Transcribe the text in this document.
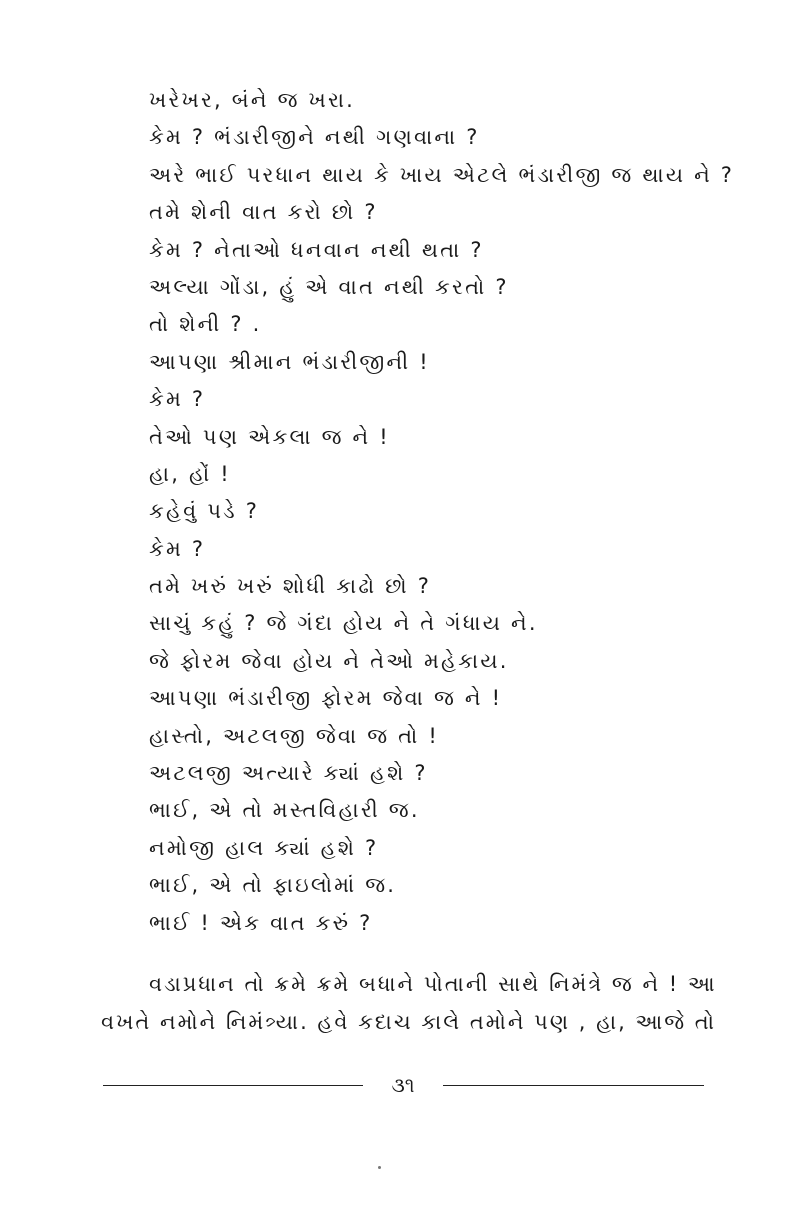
ખરેખર, બંને જ ખરા.
કેમ ? ભંડારીજીને નથી ગણવાના ?
અરે ભાઈ પરધાન થાય કે ખાય એટલે ભંડારીજી જ થાય ને ?
તમે શેની વાત કરો છો ?
કેમ ? નેતાઓ ધનવાન નથી થતા ?
અલ્યા ગોંડા, હું એ વાત નથી કરતો ?
તો શેની ? .
આપણા શ્રીમાન ભંડારીજીની !
કેમ ?
તેઓ પણ એકલા જ ને !
હા, હોં !
કહેવું પડે ?
કેમ ?
તમે ખરું ખરું શોધી કાઢો છો ?
સાચું કહું ? જે ગંદા હોય ને તે ગંધાય ને.
જે ફોરમ જેવા હોય ને તેઓ મહેકાય.
આપણા ભંડારીજી ફોરમ જેવા જ ને !
હાસ્તો, અટલજી જેવા જ તો !
અટલજી અત્યારે ક્યાં હશે ?
ભાઈ, એ તો મસ્તવિહારી જ.
નમોજી હાલ ક્યાં હશે ?
ભાઈ, એ તો ફાઇલોમાં જ.
ભાઈ ! એક વાત કરું ?
વડાપ્રધાન તો ક્રમે ક્રમે બધાને પોતાની સાથે નિમંત્રે જ ને ! આ
વખતે નમોને નિમંત્ર્યા. હવે કદાચ કાલે તમોને પણ , હા, આજે તો
૩૧
